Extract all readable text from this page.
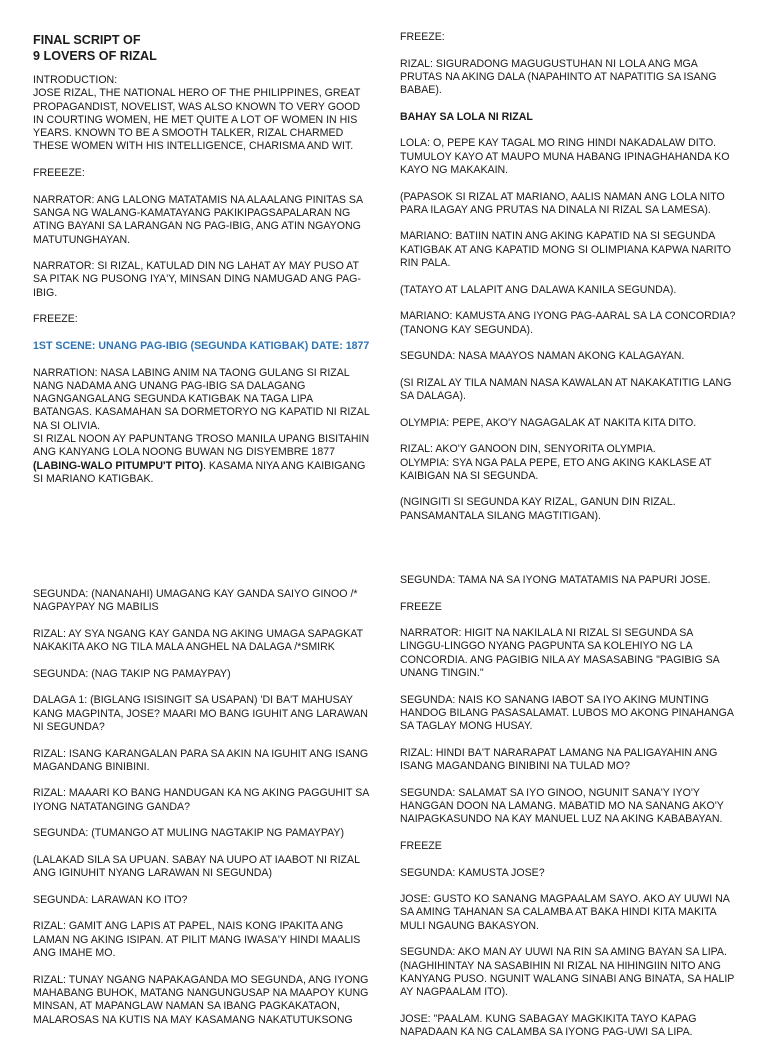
FINAL SCRIPT OF
9 LOVERS OF RIZAL

INTRODUCTION:
JOSE RIZAL, THE NATIONAL HERO OF THE PHILIPPINES, GREAT PROPAGANDIST, NOVELIST, WAS ALSO KNOWN TO VERY GOOD IN COURTING WOMEN, HE MET QUITE A LOT OF WOMEN IN HIS YEARS. KNOWN TO BE A SMOOTH TALKER, RIZAL CHARMED THESE WOMEN WITH HIS INTELLIGENCE, CHARISMA AND WIT.

FREEEZE:

NARRATOR: ANG LALONG MATATAMIS NA ALAALANG PINITAS SA SANGA NG WALANG-KAMATAYANG PAKIKIPAGSAPALARAN NG ATING BAYANI SA LARANGAN NG PAG-IBIG, ANG ATIN NGAYONG MATUTUNGHAYAN.

NARRATOR: SI RIZAL, KATULAD DIN NG LAHAT AY MAY PUSO AT SA PITAK NG PUSONG IYA'Y, MINSAN DING NAMUGAD ANG PAG-IBIG.

FREEZE:

1ST SCENE: UNANG PAG-IBIG (SEGUNDA KATIGBAK) DATE: 1877

NARRATION: NASA LABING ANIM NA TAONG GULANG SI RIZAL NANG NADAMA ANG UNANG PAG-IBIG SA DALAGANG NAGNGANGALANG SEGUNDA KATIGBAK NA TAGA LIPA BATANGAS. KASAMAHAN SA DORMETORYO NG KAPATID NI RIZAL NA SI OLIVIA.
SI RIZAL NOON AY PAPUNTANG TROSO MANILA UPANG BISITAHIN ANG KANYANG LOLA NOONG BUWAN NG DISYEMBRE 1877 (LABING-WALO PITUMPU'T PITO). KASAMA NIYA ANG KAIBIGANG SI MARIANO KATIGBAK.

FREEZE:

RIZAL: SIGURADONG MAGUGUSTUHAN NI LOLA ANG MGA PRUTAS NA AKING DALA (NAPAHINTO AT NAPATITIG SA ISANG BABAE).

BAHAY SA LOLA NI RIZAL

LOLA: O, PEPE KAY TAGAL MO RING HINDI NAKADALAW DITO. TUMULOY KAYO AT MAUPO MUNA HABANG IPINAGHAHANDA KO KAYO NG MAKAKAIN.

(PAPASOK SI RIZAL AT MARIANO, AALIS NAMAN ANG LOLA NITO PARA ILAGAY ANG PRUTAS NA DINALA NI RIZAL SA LAMESA).

MARIANO: BATIIN NATIN ANG AKING KAPATID NA SI SEGUNDA KATIGBAK AT ANG KAPATID MONG SI OLIMPIANA KAPWA NARITO RIN PALA.

(TATAYO AT LALAPIT ANG DALAWA KANILA SEGUNDA).

MARIANO: KAMUSTA ANG IYONG PAG-AARAL SA LA CONCORDIA?
(TANONG KAY SEGUNDA).

SEGUNDA: NASA MAAYOS NAMAN AKONG KALAGAYAN.

(SI RIZAL AY TILA NAMAN NASA KAWALAN AT NAKAKATITIG LANG SA DALAGA).

OLYMPIA: PEPE, AKO'Y NAGAGALAK AT NAKITA KITA DITO.

RIZAL: AKO'Y GANOON DIN, SENYORITA OLYMPIA.
OLYMPIA: SYA NGA PALA PEPE, ETO ANG AKING KAKLASE AT KAIBIGAN NA SI SEGUNDA.

(NGINGITI SI SEGUNDA KAY RIZAL, GANUN DIN RIZAL. PANSAMANTALA SILANG MAGTITIGAN).

SEGUNDA: (NANANAHI) UMAGANG KAY GANDA SAIYO GINOO /* NAGPAYPAY NG MABILIS

RIZAL: AY SYA NGANG KAY GANDA NG AKING UMAGA SAPAGKAT NAKAKITA AKO NG TILA MALA ANGHEL NA DALAGA /*SMIRK

SEGUNDA: (NAG TAKIP NG PAMAYPAY)

DALAGA 1: (BIGLANG ISISINGIT SA USAPAN) 'DI BA'T MAHUSAY KANG MAGPINTA, JOSE? MAARI MO BANG IGUHIT ANG LARAWAN NI SEGUNDA?

RIZAL: ISANG KARANGALAN PARA SA AKIN NA IGUHIT ANG ISANG MAGANDANG BINIBINI.

RIZAL: MAAARI KO BANG HANDUGAN KA NG AKING PAGGUHIT SA IYONG NATATANGING GANDA?

SEGUNDA: (TUMANGO AT MULING NAGTAKIP NG PAMAYPAY)

(LALAKAD SILA SA UPUAN. SABAY NA UUPO AT IAABOT NI RIZAL ANG IGINUHIT NYANG LARAWAN NI SEGUNDA)

SEGUNDA: LARAWAN KO ITO?

RIZAL: GAMIT ANG LAPIS AT PAPEL, NAIS KONG IPAKITA ANG LAMAN NG AKING ISIPAN. AT PILIT MANG IWASA'Y HINDI MAALIS ANG IMAHE MO.

RIZAL: TUNAY NGANG NAPAKAGANDA MO SEGUNDA, ANG IYONG MAHABANG BUHOK, MATANG NANGUNGUSAP NA MAAPOY KUNG MINSAN, AT MAPANGLAW NAMAN SA IBANG PAGKAKATAON, MALAROSAS NA KUTIS NA MAY KASAMANG NAKATUTUKSONG

SEGUNDA: TAMA NA SA IYONG MATATAMIS NA PAPURI JOSE.

FREEZE

NARRATOR: HIGIT NA NAKILALA NI RIZAL SI SEGUNDA SA LINGGU-LINGGO NYANG PAGPUNTA SA KOLEHIYO NG LA CONCORDIA. ANG PAGIBIG NILA AY MASASABING "PAGIBIG SA UNANG TINGIN."

SEGUNDA: NAIS KO SANANG IABOT SA IYO AKING MUNTING HANDOG BILANG PASASALAMAT. LUBOS MO AKONG PINAHANGA SA TAGLAY MONG HUSAY.

RIZAL: HINDI BA'T NARARAPAT LAMANG NA PALIGAYAHIN ANG ISANG MAGANDANG BINIBINI NA TULAD MO?

SEGUNDA: SALAMAT SA IYO GINOO, NGUNIT SANA'Y IYO'Y HANGGAN DOON NA LAMANG. MABATID MO NA SANANG AKO'Y NAIPAGKASUNDO NA KAY MANUEL LUZ NA AKING KABABAYAN.

FREEZE

SEGUNDA: KAMUSTA JOSE?

JOSE: GUSTO KO SANANG MAGPAALAM SAYO. AKO AY UUWI NA SA AMING TAHANAN SA CALAMBA AT BAKA HINDI KITA MAKITA MULI NGAUNG BAKASYON.

SEGUNDA: AKO MAN AY UUWI NA RIN SA AMING BAYAN SA LIPA. (NAGHIHINTAY NA SASABIHIN NI RIZAL NA HIHINGIIN NITO ANG KANYANG PUSO. NGUNIT WALANG SINABI ANG BINATA, SA HALIP AY NAGPAALAM ITO).

JOSE: "PAALAM. KUNG SABAGAY MAGKIKITA TAYO KAPAG NAPADAAN KA NG CALAMBA SA IYONG PAG-UWI SA LIPA.
